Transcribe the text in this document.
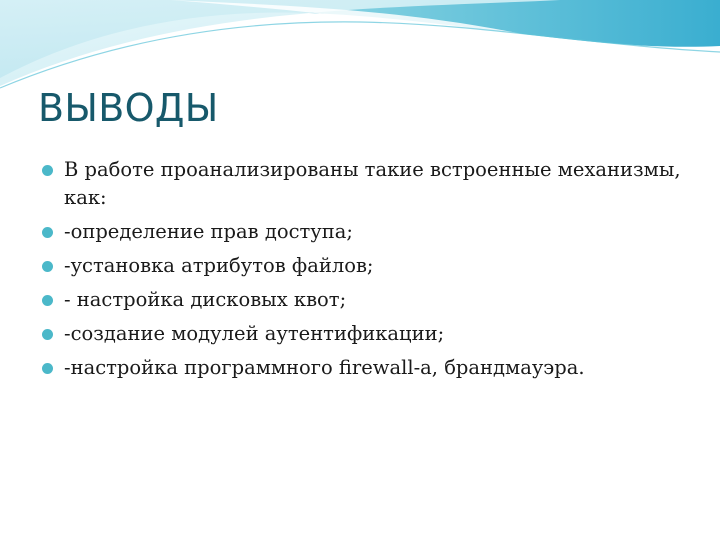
ВЫВОДЫ
В работе проанализированы такие встроенные механизмы, как:
-определение прав доступа;
-установка атрибутов файлов;
- настройка дисковых квот;
-создание модулей аутентификации;
-настройка программного firewall-а, брандмауэра.
